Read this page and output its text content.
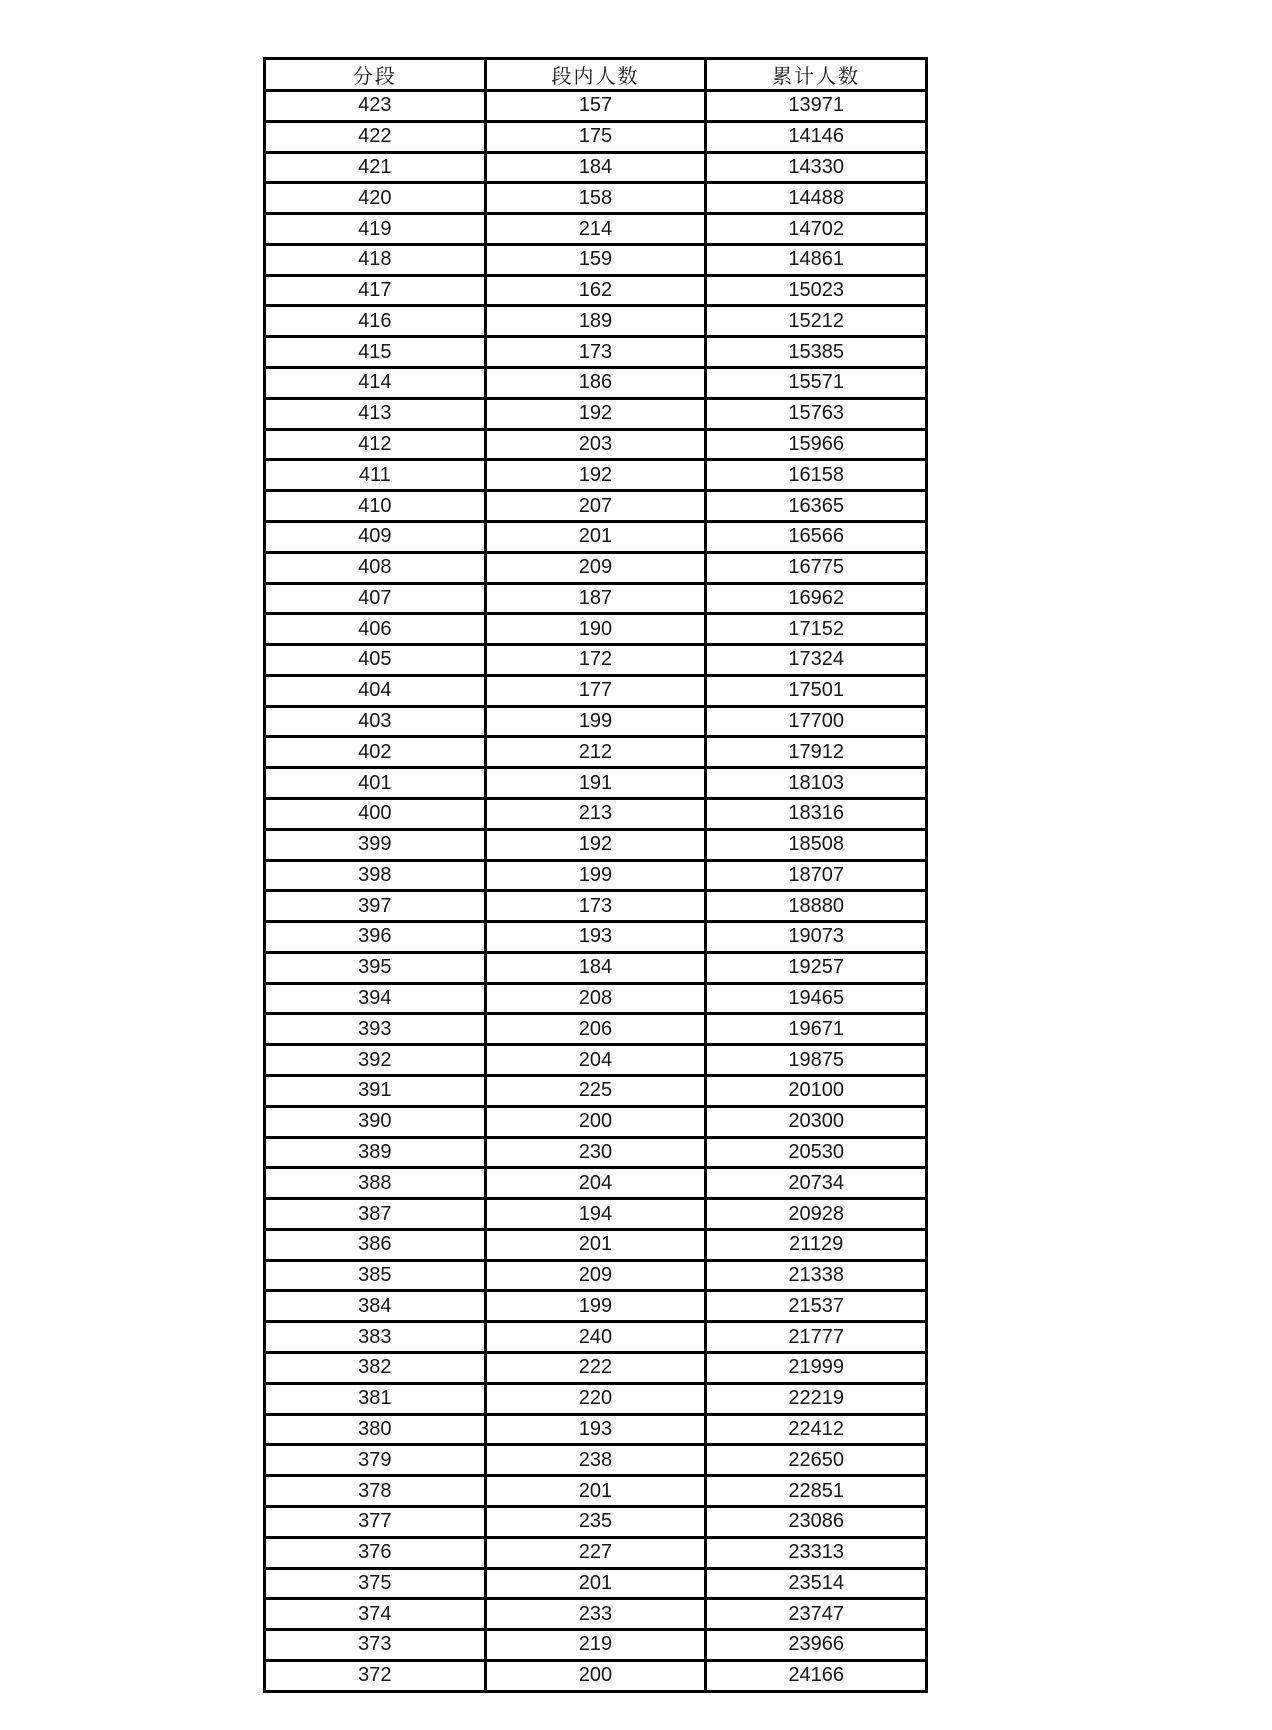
分段	段内人数	累计人数
423	157	13971
422	175	14146
421	184	14330
420	158	14488
419	214	14702
418	159	14861
417	162	15023
416	189	15212
415	173	15385
414	186	15571
413	192	15763
412	203	15966
411	192	16158
410	207	16365
409	201	16566
408	209	16775
407	187	16962
406	190	17152
405	172	17324
404	177	17501
403	199	17700
402	212	17912
401	191	18103
400	213	18316
399	192	18508
398	199	18707
397	173	18880
396	193	19073
395	184	19257
394	208	19465
393	206	19671
392	204	19875
391	225	20100
390	200	20300
389	230	20530
388	204	20734
387	194	20928
386	201	21129
385	209	21338
384	199	21537
383	240	21777
382	222	21999
381	220	22219
380	193	22412
379	238	22650
378	201	22851
377	235	23086
376	227	23313
375	201	23514
374	233	23747
373	219	23966
372	200	24166
